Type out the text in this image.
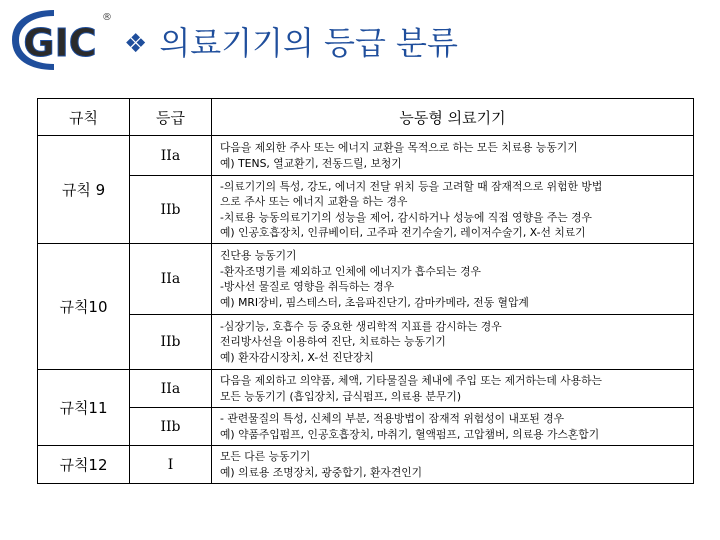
GIC
®
❖ 의료기기의 등급 분류
규칙	등급	능동형 의료기기
규칙 9	IIa	다음을 제외한 주사 또는 에너지 교환을 목적으로 하는 모든 치료용 능동기기
예) TENS, 열교환기, 전동드릴, 보청기

	IIb	-의료기기의 특성, 강도, 에너지 전달 위치 등을 고려할 때 잠재적으로 위험한 방법
으로 주사 또는 에너지 교환을 하는 경우
-치료용 능동의료기기의 성능을 제어, 감시하거나 성능에 직접 영향을 주는 경우
예) 인공호흡장치, 인큐베이터, 고주파 전기수술기, 레이저수술기, X-선 치료기

규칙10	IIa	진단용 능동기기
-환자조명기를 제외하고 인체에 에너지가 흡수되는 경우
-방사선 물질로 영향을 취득하는 경우
예) MRI장비, 핌스테스터, 초음파진단기, 감마카메라, 전동 혈압계

	IIb	-심장기능, 호흡수 등 중요한 생리학적 지표를 감시하는 경우
전리방사선을 이용하여 진단, 치료하는 능동기기
예) 환자감시장치, X-선 진단장치

규칙11	IIa	다음을 제외하고 의약품, 체액, 기타물질을 체내에 주입 또는 제거하는데 사용하는
모든 능동기기 (흡입장치, 급식펌프, 의료용 분무기)

	IIb	- 관련물질의 특성, 신체의 부분, 적용방법이 잠재적 위험성이 내포된 경우
예) 약품주입펌프, 인공호흡장치, 마취기, 혈액펌프, 고압챔버, 의료용 가스혼합기

규칙12	I	모든 다른 능동기기
예) 의료용 조명장치, 광중합기, 환자견인기
